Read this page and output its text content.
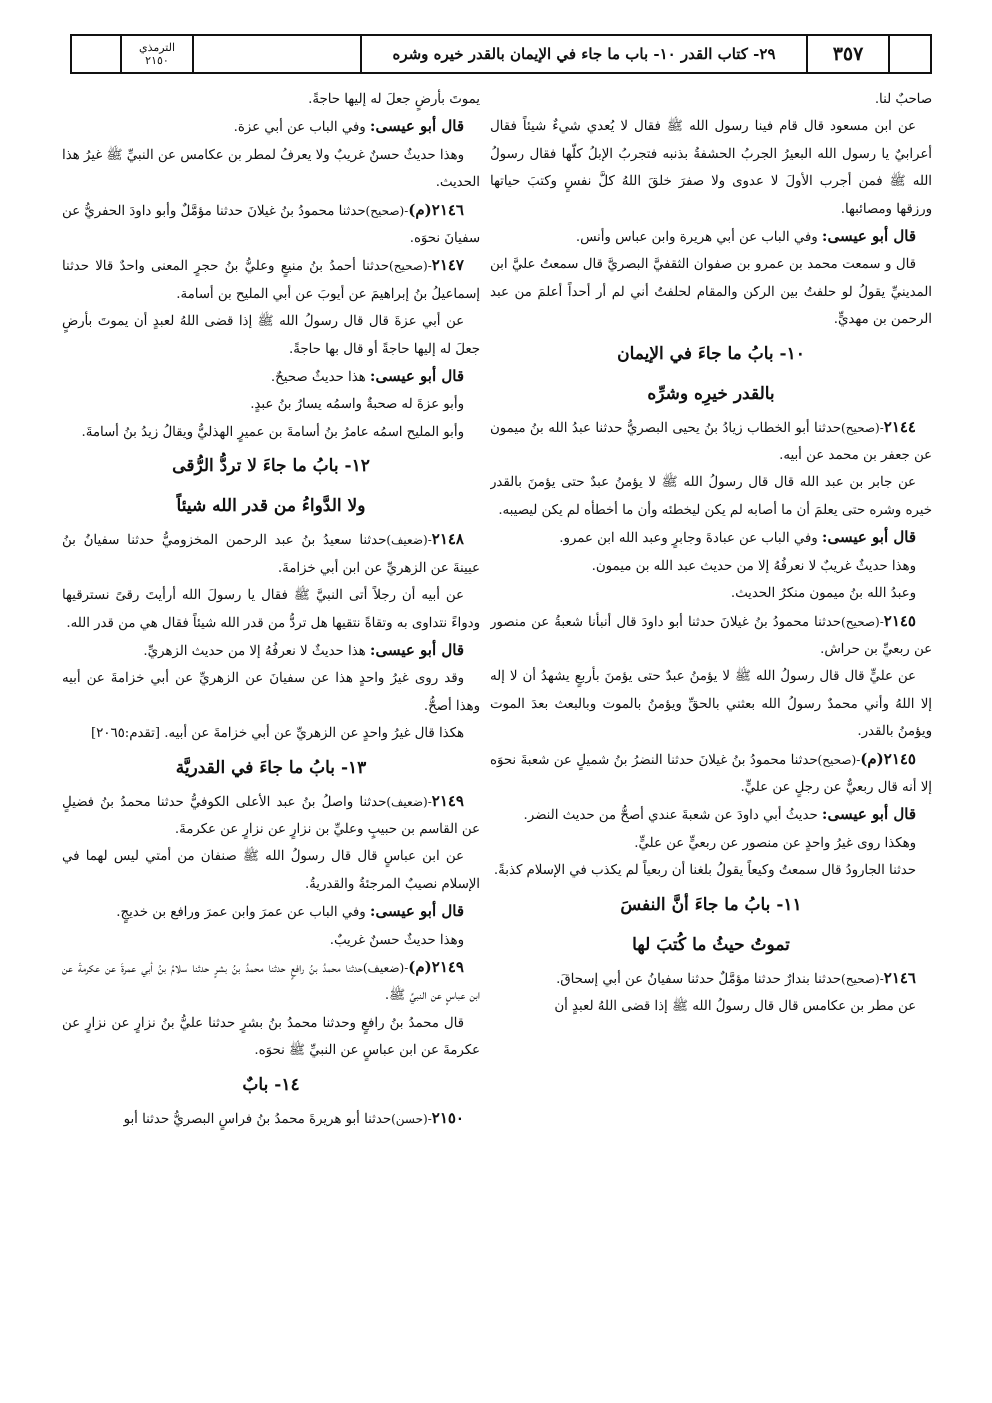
الترمذي
٢١٥٠	٢٩- كتاب القدر ١٠- باب ما جاء في الإيمان بالقدر خيره وشره	٣٥٧

صاحبٌ لنا.

عن ابن مسعود قال قام فينا رسول الله ﷺ فقال لا يُعدي شيءٌ شيئاً فقال أعرابيٌ يا رسول الله البعيرُ الجربُ الحشفةُ بذنبه فتجربُ الإبلُ كلّها فقال رسولُ الله ﷺ فمن أجرب الأولَ لا عدوى ولا صفرَ خلقَ اللهُ كلَّ نفسٍ وكتبَ حياتها ورزقها ومصائبها.

قال أبو عيسى: وفي الباب عن أبي هريرة وابن عباس وأنس.

قال و سمعت محمد بن عمرو بن صفوان الثقفيَّ البصريَّ قال سمعتُ عليَّ ابن المدينيِّ يقولُ لو حلفتُ بين الركن والمقام لحلفتُ أني لم أر أحداً أعلمَ من عبد الرحمن بن مهديٍّ.

١٠- بابُ ما جاءَ في الإيمان

بالقدر خيرِه وشرِّه

٢١٤٤-(صحيح)حدثنا أبو الخطاب زيادُ بنُ يحيى البصريُّ حدثنا عبدُ الله بنُ ميمون عن جعفر بن محمد عن أبيه.

عن جابر بن عبد الله قال قال رسولُ الله ﷺ لا يؤمنُ عبدٌ حتى يؤمنَ بالقدر خيره وشره حتى يعلمَ أن ما أصابه لم يكن ليخطئه وأن ما أخطأه لم يكن ليصيبه.

قال أبو عيسى: وفي الباب عن عبادةَ وجابرٍ وعبد الله ابن عمرو.

وهذا حديثٌ غريبٌ لا نعرفُهُ إلا من حديث عبد الله بن ميمون.

وعبدُ الله بنُ ميمون منكرُ الحديث.

٢١٤٥-(صحيح)حدثنا محمودُ بنُ غيلانَ حدثنا أبو داودَ قال أنبأنا شعبةُ عن منصور عن ربعيِّ بن حراش.

عن عليٍّ قال قال رسولُ الله ﷺ لا يؤمنُ عبدٌ حتى يؤمنَ بأربعٍ يشهدُ أن لا إله إلا اللهُ وأني محمدٌ رسولُ الله بعثني بالحقِّ ويؤمنُ بالموت وبالبعث بعدَ الموت ويؤمنُ بالقدر.

٢١٤٥(م)-(صحيح)حدثنا محمودُ بنُ غيلانَ حدثنا النضرُ بنُ شميلٍ عن شعبةَ نحوَه إلا أنه قال ربعيٌّ عن رجلٍ عن عليٍّ.

قال أبو عيسى: حديثُ أبي داودَ عن شعبةَ عندي أصحُّ من حديث النضر.

وهكذا روى غيرُ واحدٍ عن منصور عن ربعيٍّ عن عليٍّ.

حدثنا الجارودُ قال سمعتُ وكيعاً يقولُ بلغنا أن ربعياً لم يكذب في الإسلام كذبةً.

١١- بابُ ما جاءَ أنَّ النفسَ

تموتُ حيثُ ما كُتبَ لها

٢١٤٦-(صحيح)حدثنا بندارٌ حدثنا مؤمَّلٌ حدثنا سفيانُ عن أبي إسحاقَ.

عن مطر بن عكامس قال قال رسولُ الله ﷺ إذا قضى اللهُ لعبدٍ أن

يموتَ بأرضٍ جعلَ له إليها حاجةً.

قال أبو عيسى: وفي الباب عن أبي عزة.

وهذا حديثٌ حسنٌ غريبٌ ولا يعرفُ لمطر بن عكامس عن النبيِّ ﷺ غيرُ هذا الحديث.

٢١٤٦(م)-(صحيح)حدثنا محمودُ بنُ غيلانَ حدثنا مؤمَّلٌ وأبو داودَ الحفريُّ عن سفيانَ نحوَه.

٢١٤٧-(صحيح)حدثنا أحمدُ بنُ منيعٍ وعليُّ بنُ حجرٍ المعنى واحدٌ قالا حدثنا إسماعيلُ بنُ إبراهيمَ عن أيوبَ عن أبي المليح بن أسامة.

عن أبي عزةَ قال قال رسولُ الله ﷺ إذا قضى اللهُ لعبدٍ أن يموتَ بأرضٍ جعلَ له إليها حاجةً أو قال بها حاجةً.

قال أبو عيسى: هذا حديثٌ صحيحٌ.

وأبو عزةَ له صحبةٌ واسمُه يسارُ بنُ عبدٍ.

وأبو المليح اسمُه عامرُ بنُ أسامةَ بن عميرٍ الهذليُّ ويقالُ زيدُ بنُ أسامةَ.

١٢- بابُ ما جاءَ لا تردُّ الرُّقى

ولا الدَّواءُ من قدر الله شيئاً

٢١٤٨-(ضعيف)حدثنا سعيدُ بنُ عبد الرحمن المخزوميُّ حدثنا سفيانُ بنُ عيينةَ عن الزهريِّ عن ابن أبي خزامةَ.

عن أبيه أن رجلاً أتى النبيَّ ﷺ فقال يا رسولَ الله أرأيتَ رقىً نسترقيها ودواءً نتداوى به وتقاةً نتقيها هل تردُّ من قدر الله شيئاً فقال هي من قدر الله.

قال أبو عيسى: هذا حديثٌ لا نعرفُهُ إلا من حديث الزهريِّ.

وقد روى غيرُ واحدٍ هذا عن سفيانَ عن الزهريِّ عن أبي خزامةَ عن أبيه وهذا أصحُّ.

هكذا قال غيرُ واحدٍ عن الزهريِّ عن أبي خزامةَ عن أبيه. [تقدم:٢٠٦٥]

١٣- بابُ ما جاءَ في القدريَّة

٢١٤٩-(ضعيف)حدثنا واصلُ بنُ عبد الأعلى الكوفيُّ حدثنا محمدُ بنُ فضيلٍ عن القاسم بن حبيبٍ وعليِّ بن نزارٍ عن نزارٍ عن عكرمةَ.

عن ابن عباسٍ قال قال رسولُ الله ﷺ صنفان من أمتي ليس لهما في الإسلام نصيبٌ المرجئةُ والقدريةُ.

قال أبو عيسى: وفي الباب عن عمرَ وابن عمرَ ورافع بن خديجٍ.

وهذا حديثٌ حسنٌ غريبٌ.

٢١٤٩(م)-(ضعيف)حدثنا محمدُ بنُ رافعٍ حدثنا محمدُ بنُ بشرٍ حدثنا سلامُ بنُ أبي عمرةَ عن عكرمةَ عن ابن عباسٍ عن النبيِّ ﷺ.

قال محمدُ بنُ رافعٍ وحدثنا محمدُ بنُ بشرٍ حدثنا عليُّ بنُ نزارٍ عن نزارٍ عن عكرمةَ عن ابن عباسٍ عن النبيِّ ﷺ نحوَه.

١٤- بابٌ

٢١٥٠-(حسن)حدثنا أبو هريرةَ محمدُ بنُ فراسٍ البصريُّ حدثنا أبو
